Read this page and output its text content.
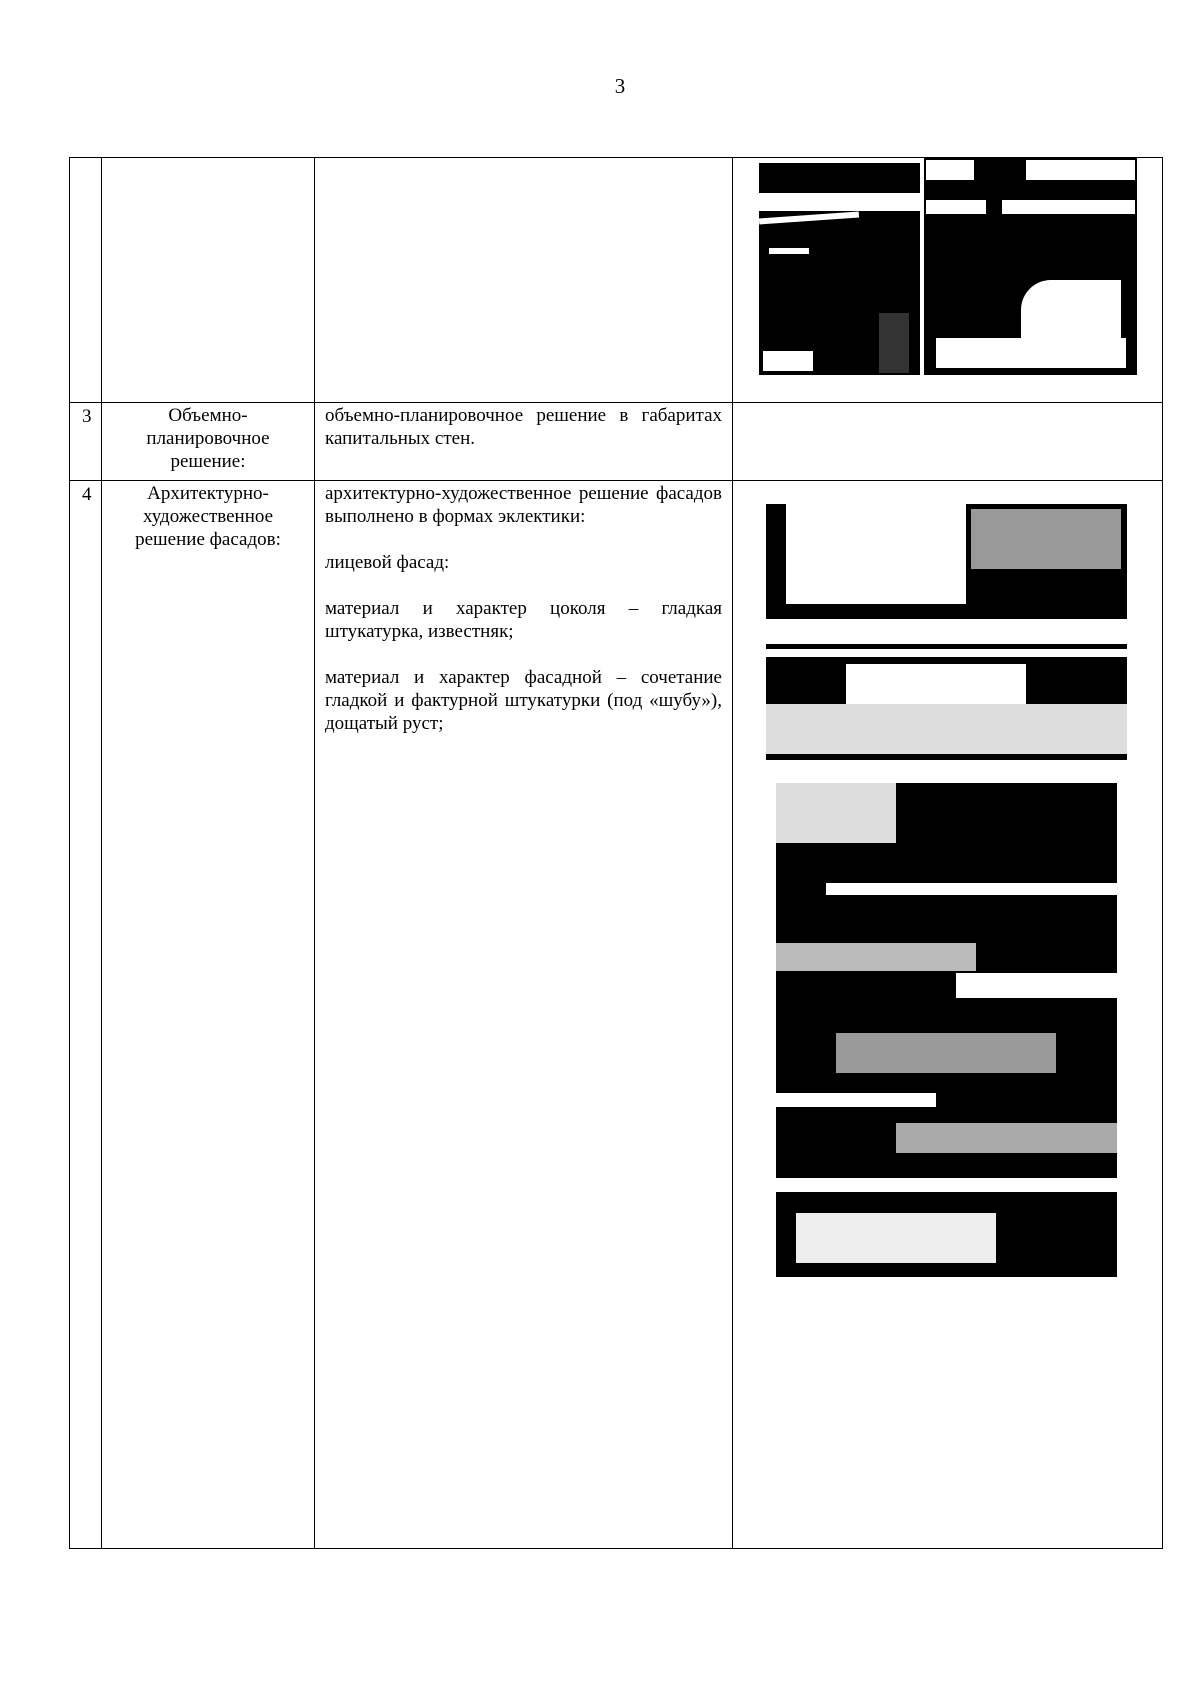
3

3	Объемно-планировочное решение:	объемно-планировочное решение в габаритах капитальных стен.	

4	Архитектурно-художественное решение фасадов:	архитектурно-художественное решение фасадов выполнено в формах эклектики:

лицевой фасад:

материал и характер цоколя – гладкая штукатурка, известняк;

материал и характер фасадной – сочетание гладкой и фактурной штукатурки (под «шубу»), дощатый руст;	
